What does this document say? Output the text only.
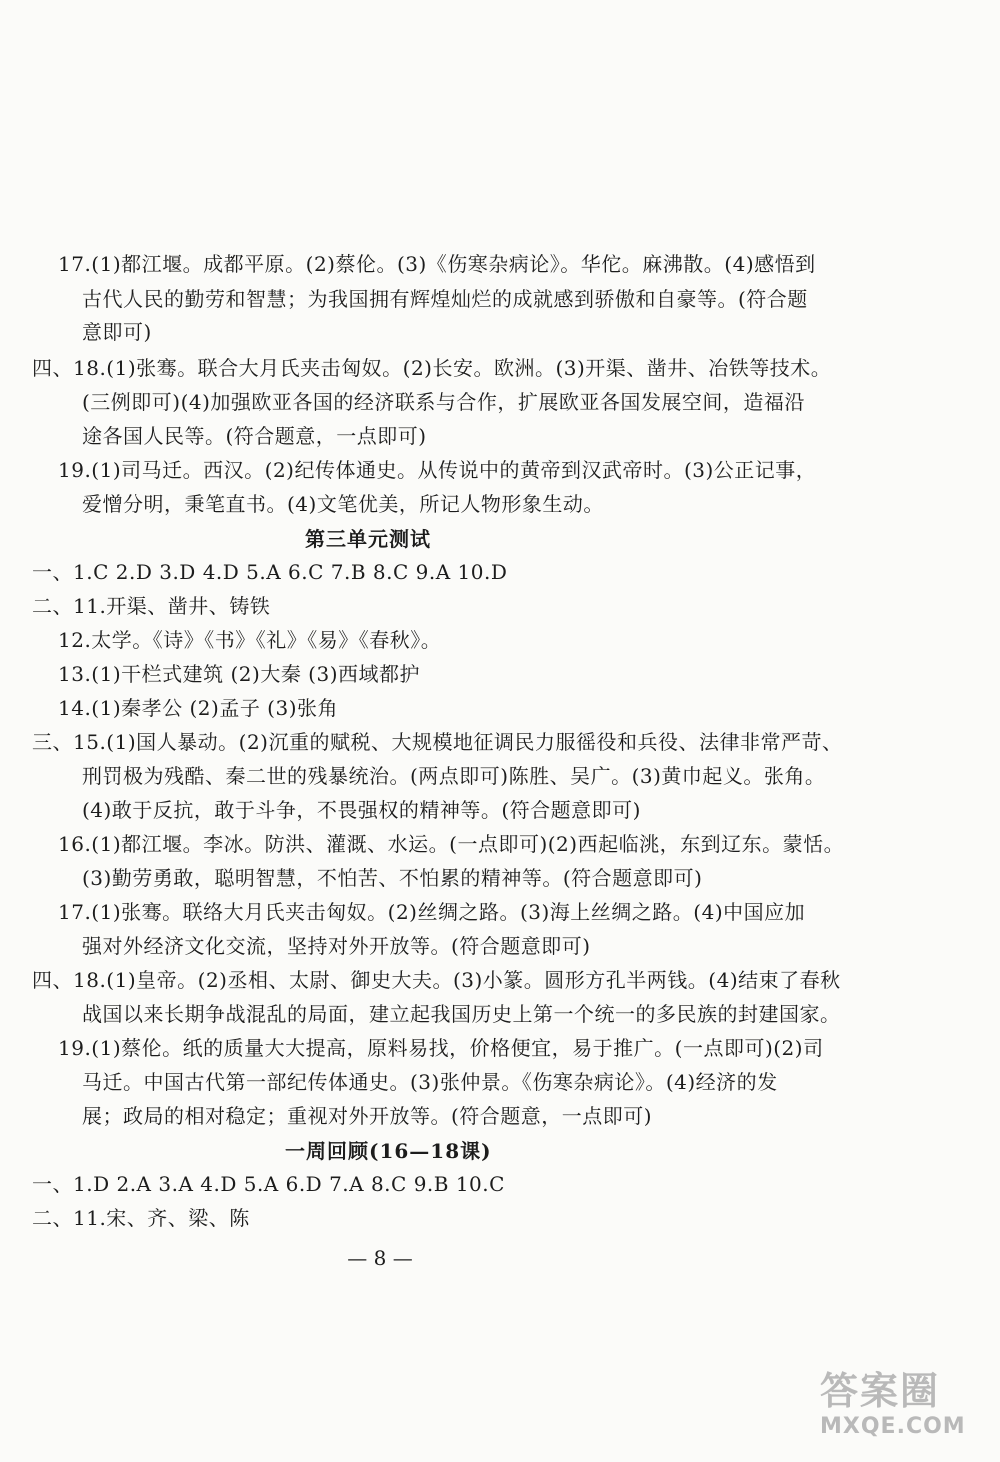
17.(1)都江堰。成都平原。(2)蔡伦。(3)《伤寒杂病论》。华佗。麻沸散。(4)感悟到
古代人民的勤劳和智慧；为我国拥有辉煌灿烂的成就感到骄傲和自豪等。(符合题
意即可)
四、18.(1)张骞。联合大月氏夹击匈奴。(2)长安。欧洲。(3)开渠、凿井、冶铁等技术。
(三例即可)(4)加强欧亚各国的经济联系与合作，扩展欧亚各国发展空间，造福沿
途各国人民等。(符合题意，一点即可)
19.(1)司马迁。西汉。(2)纪传体通史。从传说中的黄帝到汉武帝时。(3)公正记事，
爱憎分明，秉笔直书。(4)文笔优美，所记人物形象生动。
第三单元测试
一、1.C 2.D 3.D 4.D 5.A 6.C 7.B 8.C 9.A 10.D
二、11.开渠、凿井、铸铁
12.太学。《诗》《书》《礼》《易》《春秋》。
13.(1)干栏式建筑 (2)大秦 (3)西域都护
14.(1)秦孝公 (2)孟子 (3)张角
三、15.(1)国人暴动。(2)沉重的赋税、大规模地征调民力服徭役和兵役、法律非常严苛、
刑罚极为残酷、秦二世的残暴统治。(两点即可)陈胜、吴广。(3)黄巾起义。张角。
(4)敢于反抗，敢于斗争，不畏强权的精神等。(符合题意即可)
16.(1)都江堰。李冰。防洪、灌溉、水运。(一点即可)(2)西起临洮，东到辽东。蒙恬。
(3)勤劳勇敢，聪明智慧，不怕苦、不怕累的精神等。(符合题意即可)
17.(1)张骞。联络大月氏夹击匈奴。(2)丝绸之路。(3)海上丝绸之路。(4)中国应加
强对外经济文化交流，坚持对外开放等。(符合题意即可)
四、18.(1)皇帝。(2)丞相、太尉、御史大夫。(3)小篆。圆形方孔半两钱。(4)结束了春秋
战国以来长期争战混乱的局面，建立起我国历史上第一个统一的多民族的封建国家。
19.(1)蔡伦。纸的质量大大提高，原料易找，价格便宜，易于推广。(一点即可)(2)司
马迁。中国古代第一部纪传体通史。(3)张仲景。《伤寒杂病论》。(4)经济的发
展；政局的相对稳定；重视对外开放等。(符合题意，一点即可)
一周回顾(16—18课)
一、1.D 2.A 3.A 4.D 5.A 6.D 7.A 8.C 9.B 10.C
二、11.宋、齐、梁、陈
— 8 —
答案圈
MXQE.COM
